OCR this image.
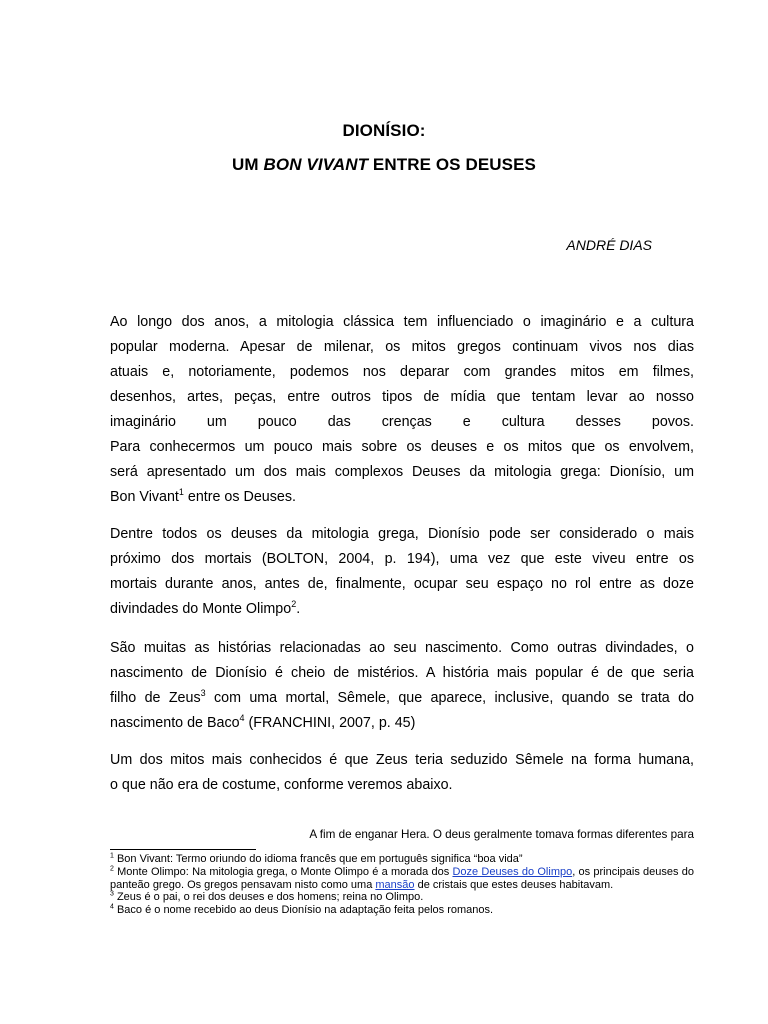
DIONÍSIO:
UM BON VIVANT ENTRE OS DEUSES
ANDRÉ DIAS
Ao longo dos anos, a mitologia clássica tem influenciado o imaginário e a cultura
popular moderna. Apesar de milenar, os mitos gregos continuam vivos nos dias
atuais e, notoriamente, podemos nos deparar com grandes mitos em filmes,
desenhos, artes, peças, entre outros tipos de mídia que tentam levar ao nosso
imaginário um pouco das crenças e cultura desses povos.
Para conhecermos um pouco mais sobre os deuses e os mitos que os envolvem,
será apresentado um dos mais complexos Deuses da mitologia grega: Dionísio, um
Bon Vivant$^1$ entre os Deuses.
Dentre todos os deuses da mitologia grega, Dionísio pode ser considerado o mais
próximo dos mortais (BOLTON, 2004, p. 194), uma vez que este viveu entre os
mortais durante anos, antes de, finalmente, ocupar seu espaço no rol entre as doze
divindades do Monte Olimpo$^2$.
São muitas as histórias relacionadas ao seu nascimento. Como outras divindades, o
nascimento de Dionísio é cheio de mistérios. A história mais popular é de que seria
filho de Zeus$^3$ com uma mortal, Sêmele, que aparece, inclusive, quando se trata do
nascimento de Baco$^4$ (FRANCHINI, 2007, p. 45)
Um dos mitos mais conhecidos é que Zeus teria seduzido Sêmele na forma humana,
o que não era de costume, conforme veremos abaixo.
A fim de enganar Hera. O deus geralmente tomava formas diferentes para

$^1$ Bon Vivant: Termo oriundo do idioma francês que em português significa “boa vida”

$^2$ Monte Olimpo: Na mitologia grega, o Monte Olimpo é a morada dos Doze Deuses do Olimpo, os principais deuses do panteão grego. Os gregos pensavam nisto como uma mansão de cristais que estes deuses habitavam.

$^3$ Zeus é o pai, o rei dos deuses e dos homens; reina no Olimpo.

$^4$ Baco é o nome recebido ao deus Dionísio na adaptação feita pelos romanos.
